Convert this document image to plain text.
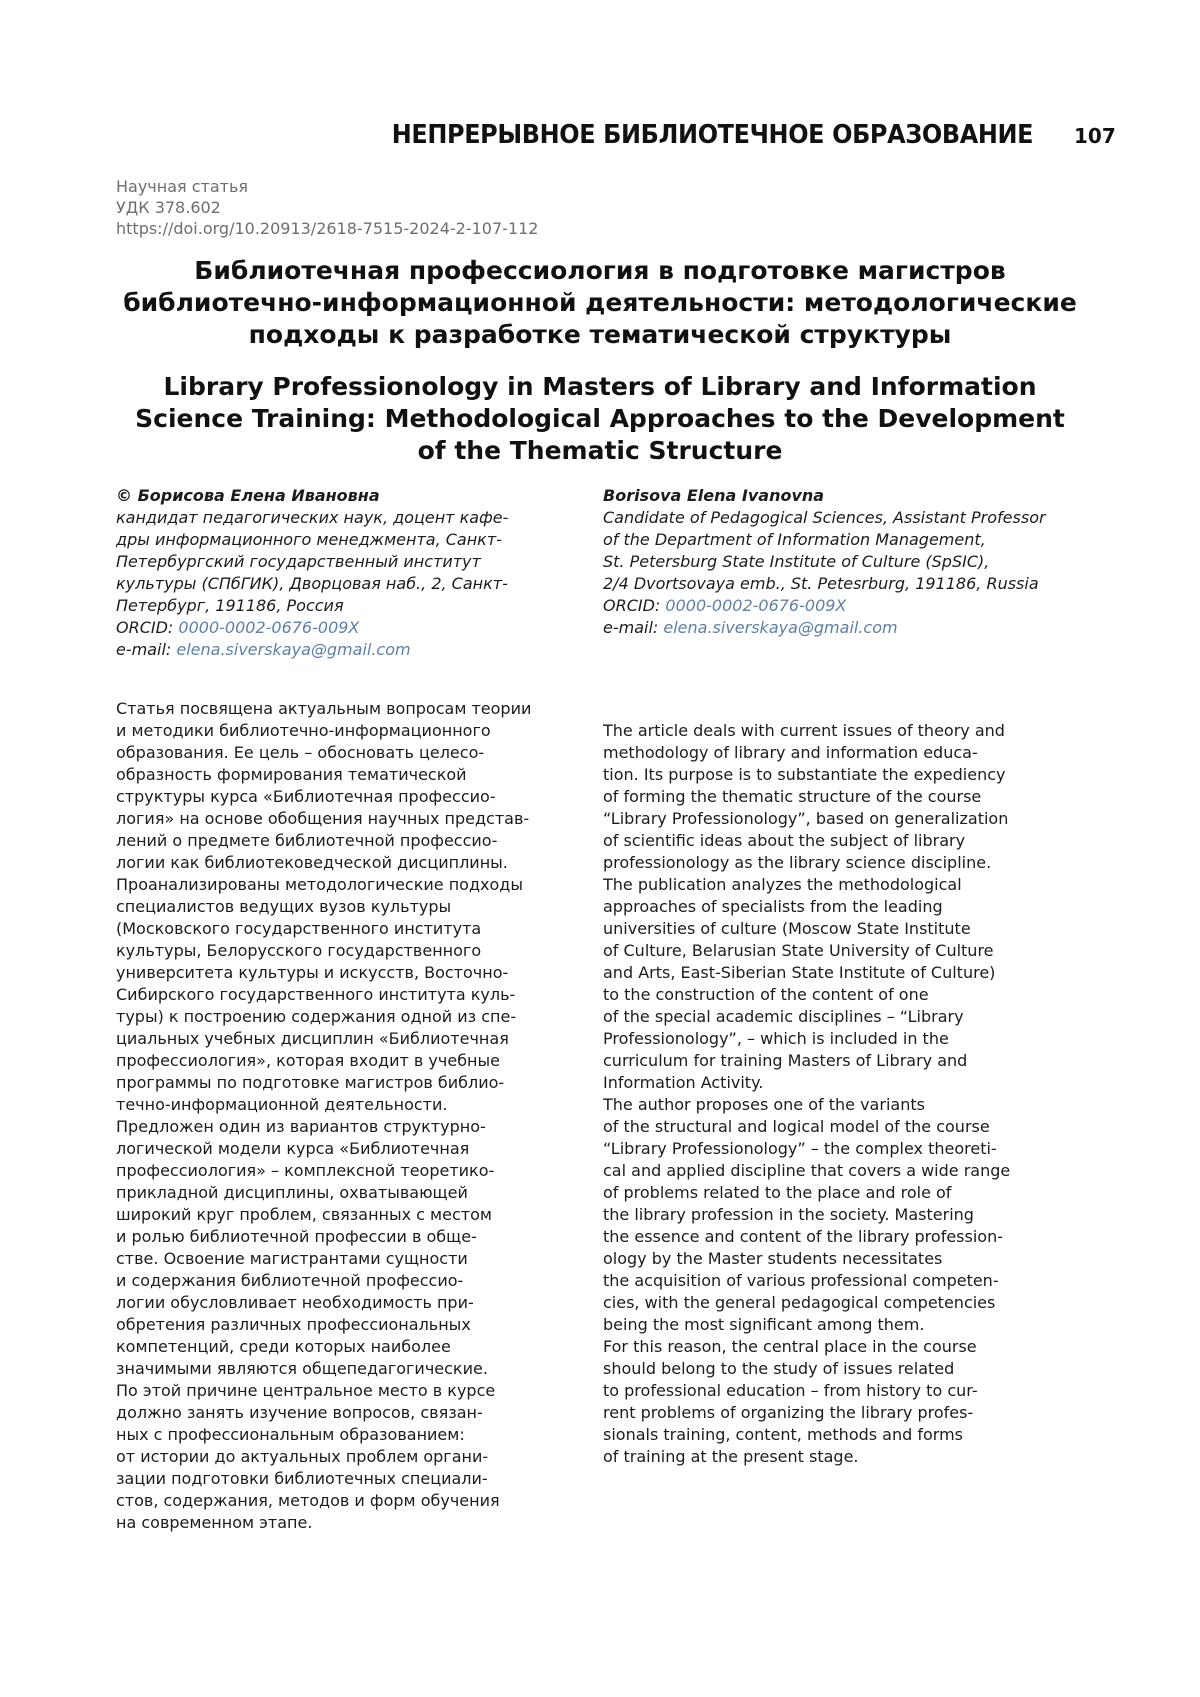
НЕПРЕРЫВНОЕ БИБЛИОТЕЧНОЕ ОБРАЗОВАНИЕ 107
Научная статья
УДК 378.602
https://doi.org/10.20913/2618-7515-2024-2-107-112
Библиотечная профессиология в подготовке магистров
библиотечно-информационной деятельности: методологические
подходы к разработке тематической структуры
Library Professionology in Masters of Library and Information
Science Training: Methodological Approaches to the Development
of the Thematic Structure
© Борисова Елена Ивановна
кандидат педагогических наук, доцент кафе-
дры информационного менеджмента, Санкт-
Петербургский государственный институт
культуры (СПбГИК), Дворцовая наб., 2, Санкт-
Петербург, 191186, Россия
ORCID: 0000-0002-0676-009X
e-mail: elena.siverskaya@gmail.com
Borisova Elena Ivanovna
Candidate of Pedagogical Sciences, Assistant Professor
of the Department of Information Management,
St. Petersburg State Institute of Culture (SpSIC),
2/4 Dvortsovaya emb., St. Petesrburg, 191186, Russia
ORCID: 0000-0002-0676-009X
e-mail: elena.siverskaya@gmail.com
Статья посвящена актуальным вопросам теории
и методики библиотечно-информационного
образования. Ее цель – обосновать целесо-
образность формирования тематической
структуры курса «Библиотечная профессио-
логия» на основе обобщения научных представ-
лений о предмете библиотечной профессио-
логии как библиотековедческой дисциплины.
Проанализированы методологические подходы
специалистов ведущих вузов культуры
(Московского государственного института
культуры, Белорусского государственного
университета культуры и искусств, Восточно-
Сибирского государственного института куль-
туры) к построению содержания одной из спе-
циальных учебных дисциплин «Библиотечная
профессиология», которая входит в учебные
программы по подготовке магистров библио-
течно-информационной деятельности.
Предложен один из вариантов структурно-
логической модели курса «Библиотечная
профессиология» – комплексной теоретико-
прикладной дисциплины, охватывающей
широкий круг проблем, связанных с местом
и ролью библиотечной профессии в обще-
стве. Освоение магистрантами сущности
и содержания библиотечной профессио-
логии обусловливает необходимость при-
обретения различных профессиональных
компетенций, среди которых наиболее
значимыми являются общепедагогические.
По этой причине центральное место в курсе
должно занять изучение вопросов, связан-
ных с профессиональным образованием:
от истории до актуальных проблем органи-
зации подготовки библиотечных специали-
стов, содержания, методов и форм обучения
на современном этапе.
The article deals with current issues of theory and
methodology of library and information educa-
tion. Its purpose is to substantiate the expediency
of forming the thematic structure of the course
“Library Professionology”, based on generalization
of scientific ideas about the subject of library
professionology as the library science discipline.
The publication analyzes the methodological
approaches of specialists from the leading
universities of culture (Moscow State Institute
of Culture, Belarusian State University of Culture
and Arts, East-Siberian State Institute of Culture)
to the construction of the content of one
of the special academic disciplines – “Library
Professionology”, – which is included in the
curriculum for training Masters of Library and
Information Activity.
The author proposes one of the variants
of the structural and logical model of the course
“Library Professionology” – the complex theoreti-
cal and applied discipline that covers a wide range
of problems related to the place and role of
the library profession in the society. Mastering
the essence and content of the library profession-
ology by the Master students necessitates
the acquisition of various professional competen-
cies, with the general pedagogical competencies
being the most significant among them.
For this reason, the central place in the course
should belong to the study of issues related
to professional education – from history to cur-
rent problems of organizing the library profes-
sionals training, content, methods and forms
of training at the present stage.
